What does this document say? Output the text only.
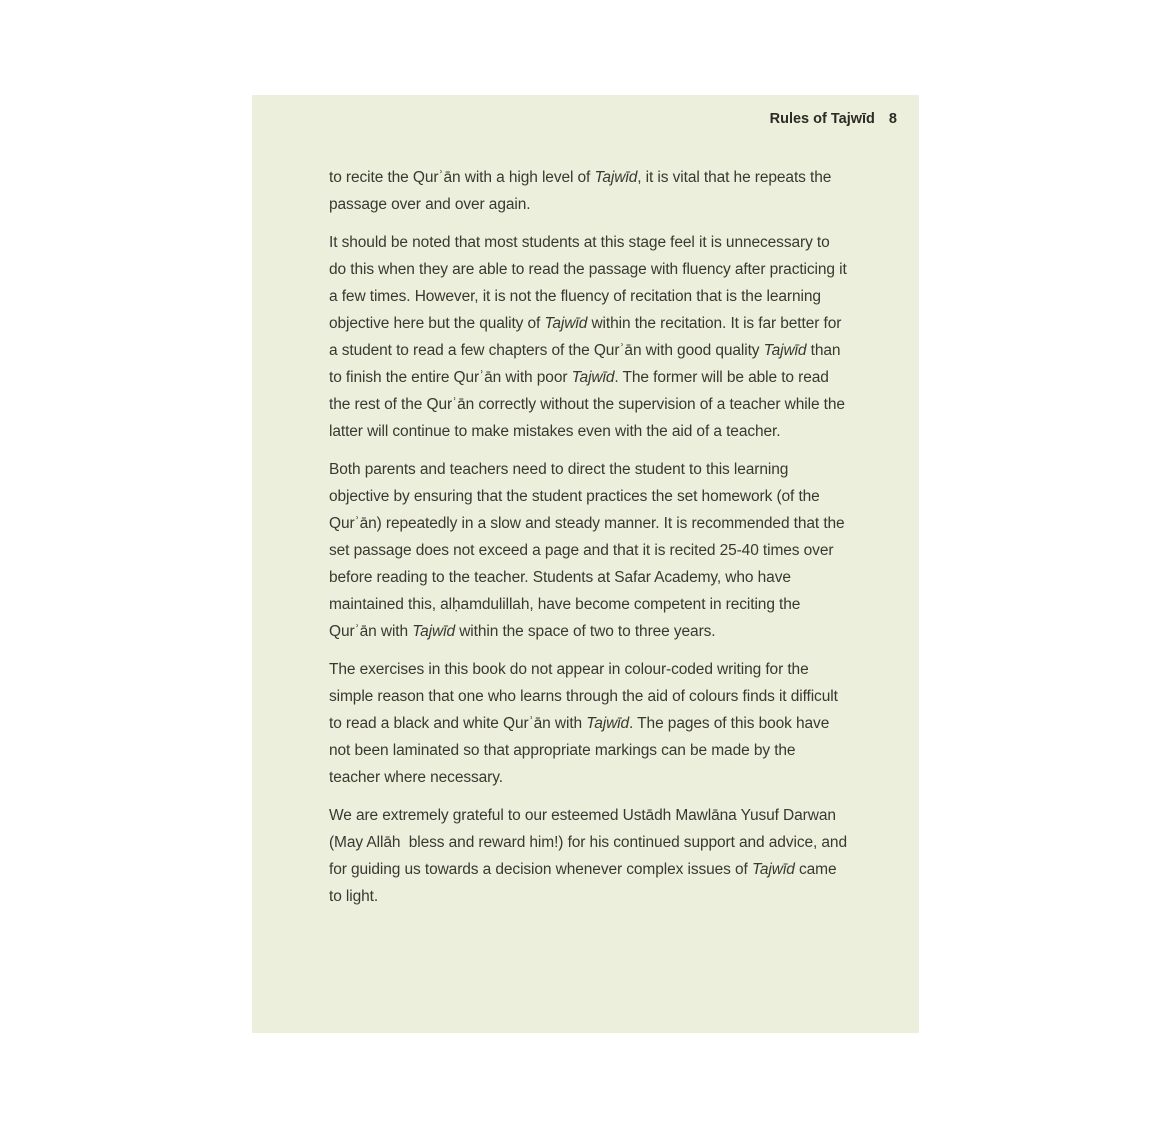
Rules of Tajwīd 8

to recite the Qurʾān with a high level of Tajwīd, it is vital that he repeats the passage over and over again.

It should be noted that most students at this stage feel it is unnecessary to do this when they are able to read the passage with fluency after practicing it a few times. However, it is not the fluency of recitation that is the learning objective here but the quality of Tajwīd within the recitation. It is far better for a student to read a few chapters of the Qurʾān with good quality Tajwīd than to finish the entire Qurʾān with poor Tajwīd. The former will be able to read the rest of the Qurʾān correctly without the supervision of a teacher while the latter will continue to make mistakes even with the aid of a teacher.

Both parents and teachers need to direct the student to this learning objective by ensuring that the student practices the set homework (of the Qurʾān) repeatedly in a slow and steady manner. It is recommended that the set passage does not exceed a page and that it is recited 25-40 times over before reading to the teacher. Students at Safar Academy, who have maintained this, alḥamdulillah, have become competent in reciting the Qurʾān with Tajwīd within the space of two to three years.

The exercises in this book do not appear in colour-coded writing for the simple reason that one who learns through the aid of colours finds it difficult to read a black and white Qurʾān with Tajwīd. The pages of this book have not been laminated so that appropriate markings can be made by the teacher where necessary.

We are extremely grateful to our esteemed Ustādh Mawlāna Yusuf Darwan (May Allāh  bless and reward him!) for his continued support and advice, and for guiding us towards a decision whenever complex issues of Tajwīd came to light.
